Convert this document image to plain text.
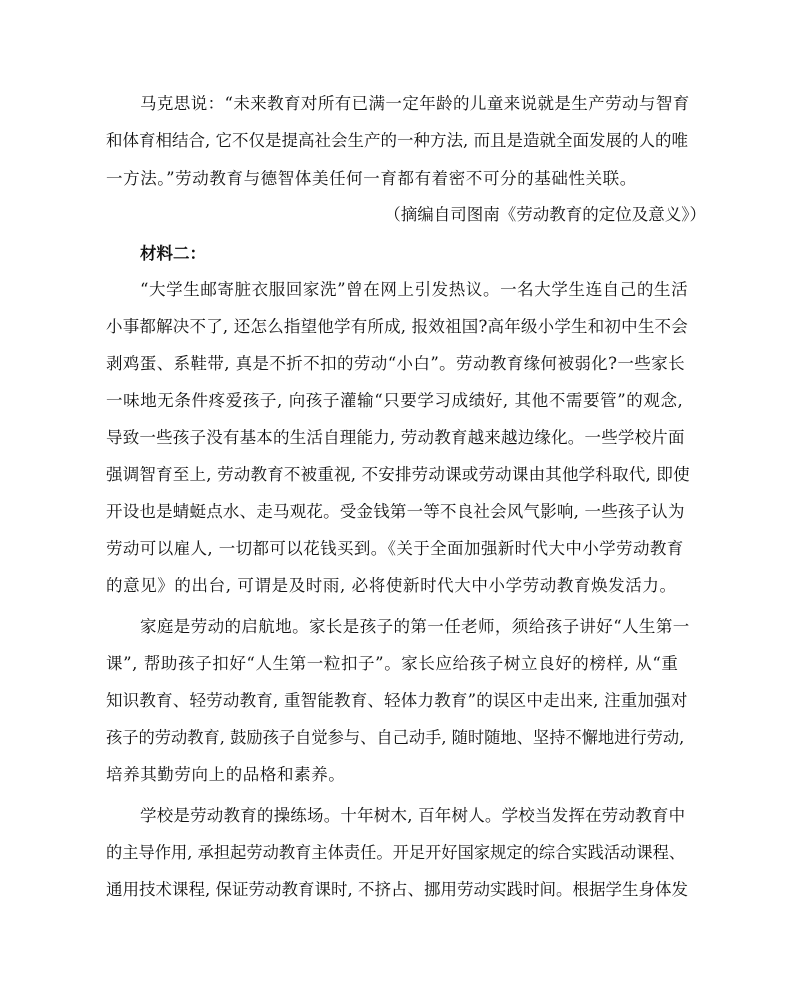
马克思说：“未来教育对所有已满一定年龄的儿童来说就是生产劳动与智育
和体育相结合, 它不仅是提高社会生产的一种方法, 而且是造就全面发展的人的唯
一方法。”劳动教育与德智体美任何一育都有着密不可分的基础性关联。
（摘编自司图南《劳动教育的定位及意义》）
材料二：
“大学生邮寄脏衣服回家洗”曾在网上引发热议。一名大学生连自己的生活
小事都解决不了, 还怎么指望他学有所成, 报效祖国?高年级小学生和初中生不会
剥鸡蛋、系鞋带, 真是不折不扣的劳动“小白”。劳动教育缘何被弱化?一些家长
一味地无条件疼爱孩子, 向孩子灌输“只要学习成绩好, 其他不需要管”的观念,
导致一些孩子没有基本的生活自理能力, 劳动教育越来越边缘化。一些学校片面
强调智育至上, 劳动教育不被重视, 不安排劳动课或劳动课由其他学科取代, 即使
开设也是蜻蜓点水、走马观花。受金钱第一等不良社会风气影响, 一些孩子认为
劳动可以雇人, 一切都可以花钱买到。《关于全面加强新时代大中小学劳动教育
的意见》的出台, 可谓是及时雨, 必将使新时代大中小学劳动教育焕发活力。
家庭是劳动的启航地。家长是孩子的第一任老师，须给孩子讲好“人生第一
课”, 帮助孩子扣好“人生第一粒扣子”。家长应给孩子树立良好的榜样, 从“重
知识教育、轻劳动教育, 重智能教育、轻体力教育”的误区中走出来, 注重加强对
孩子的劳动教育, 鼓励孩子自觉参与、自己动手, 随时随地、坚持不懈地进行劳动,
培养其勤劳向上的品格和素养。
学校是劳动教育的操练场。十年树木, 百年树人。学校当发挥在劳动教育中
的主导作用, 承担起劳动教育主体责任。开足开好国家规定的综合实践活动课程、
通用技术课程, 保证劳动教育课时, 不挤占、挪用劳动实践时间。根据学生身体发
